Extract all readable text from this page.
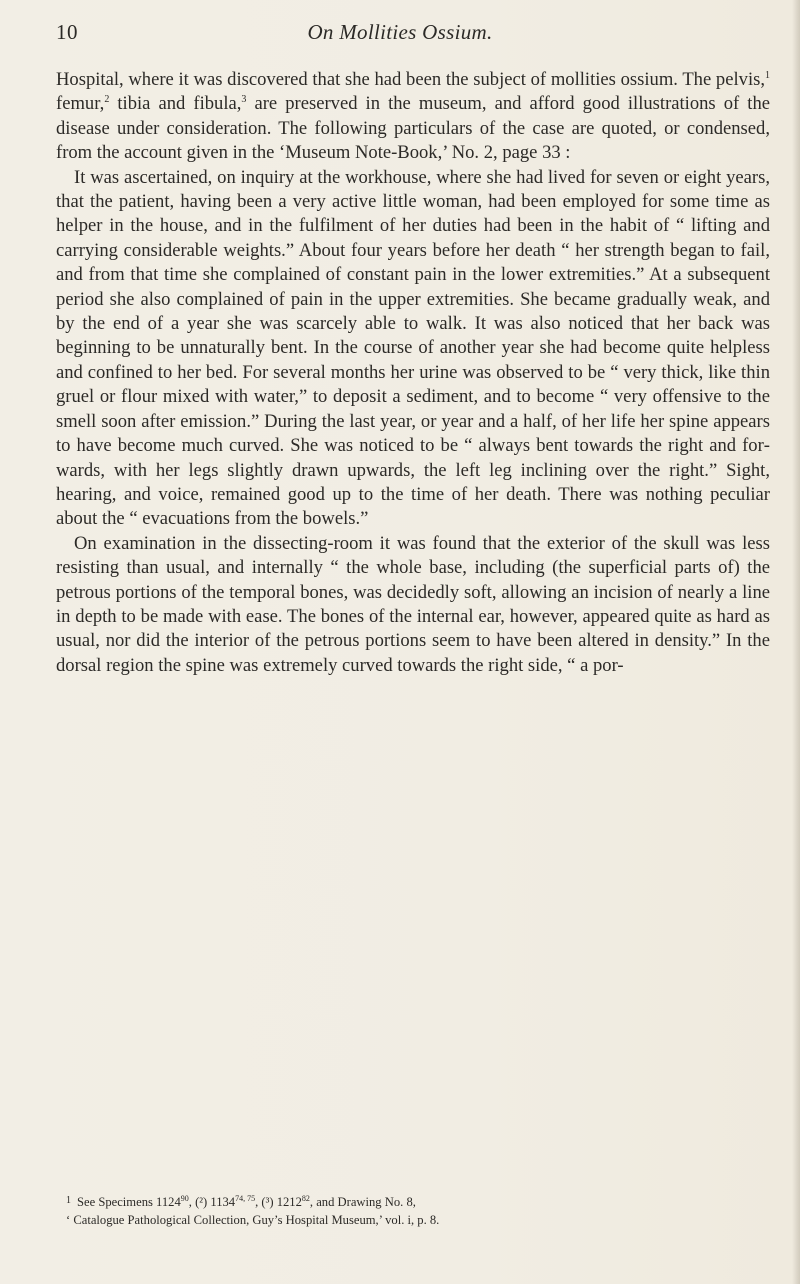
10	On Mollities Ossium.

Hospital, where it was discovered that she had been the subject of mollities ossium. The pelvis,$^1$ femur,$^2$ tibia and fibula,$^3$ are preserved in the museum, and afford good illustrations of the disease under consideration. The following particulars of the case are quoted, or condensed, from the account given in the ‘Museum Note-Book,’ No. 2, page 33 :

It was ascertained, on inquiry at the workhouse, where she had lived for seven or eight years, that the patient, having been a very active little woman, had been employed for some time as helper in the house, and in the fulfilment of her duties had been in the habit of “ lifting and carrying considerable weights.” About four years before her death “ her strength began to fail, and from that time she complained of constant pain in the lower extremities.” At a subsequent period she also complained of pain in the upper extremities. She became gradually weak, and by the end of a year she was scarcely able to walk. It was also noticed that her back was beginning to be unnaturally bent. In the course of another year she had become quite helpless and confined to her bed. For several months her urine was observed to be “ very thick, like thin gruel or flour mixed with water,” to deposit a sediment, and to become “ very offensive to the smell soon after emission.” During the last year, or year and a half, of her life her spine appears to have become much curved. She was noticed to be “ always bent towards the right and forwards, with her legs slightly drawn upwards, the left leg inclining over the right.” Sight, hearing, and voice, remained good up to the time of her death. There was nothing peculiar about the “ evacuations from the bowels.”

On examination in the dissecting-room it was found that the exterior of the skull was less resisting than usual, and internally “ the whole base, including (the superficial parts of) the petrous portions of the temporal bones, was decidedly soft, allowing an incision of nearly a line in depth to be made with ease. The bones of the internal ear, however, appeared quite as hard as usual, nor did the interior of the petrous portions seem to have been altered in density.” In the dorsal region the spine was extremely curved towards the right side, “ a por-

$^1$ See Specimens 1124$^{90}$, (²) 1134$^{74, 75}$, (³) 1212$^{82}$, and Drawing No. 8,

‘ Catalogue Pathological Collection, Guy’s Hospital Museum,’ vol. i, p. 8.
